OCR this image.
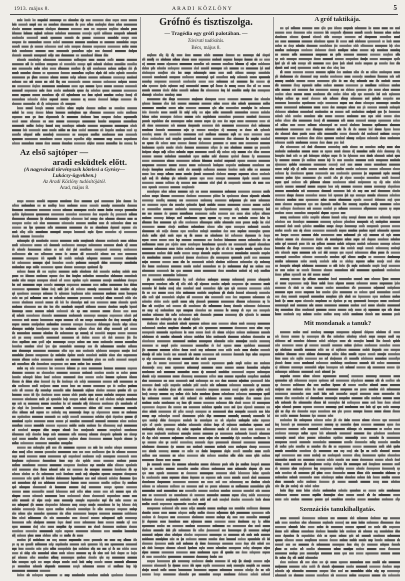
1913. május 8.	ARADI KÖZLÖNY	5
Az első sajtóper —
aradi esküdtek előtt.
(A nagyváradi törvényszék kötelesi a Gyrósy—Lukácsy-ügyekben.)
Az Aradi Közlöny tudósítójától.
Arad, május 8.
Grófnő és tisztiszolga.
— Tragédia egy grófi palotában. —
Távirati tudósítás.
Bécs, május 8.
A gróf taktikája.
Mit mondanak a tanuk?
Szenzációs tanukihallgatás.
